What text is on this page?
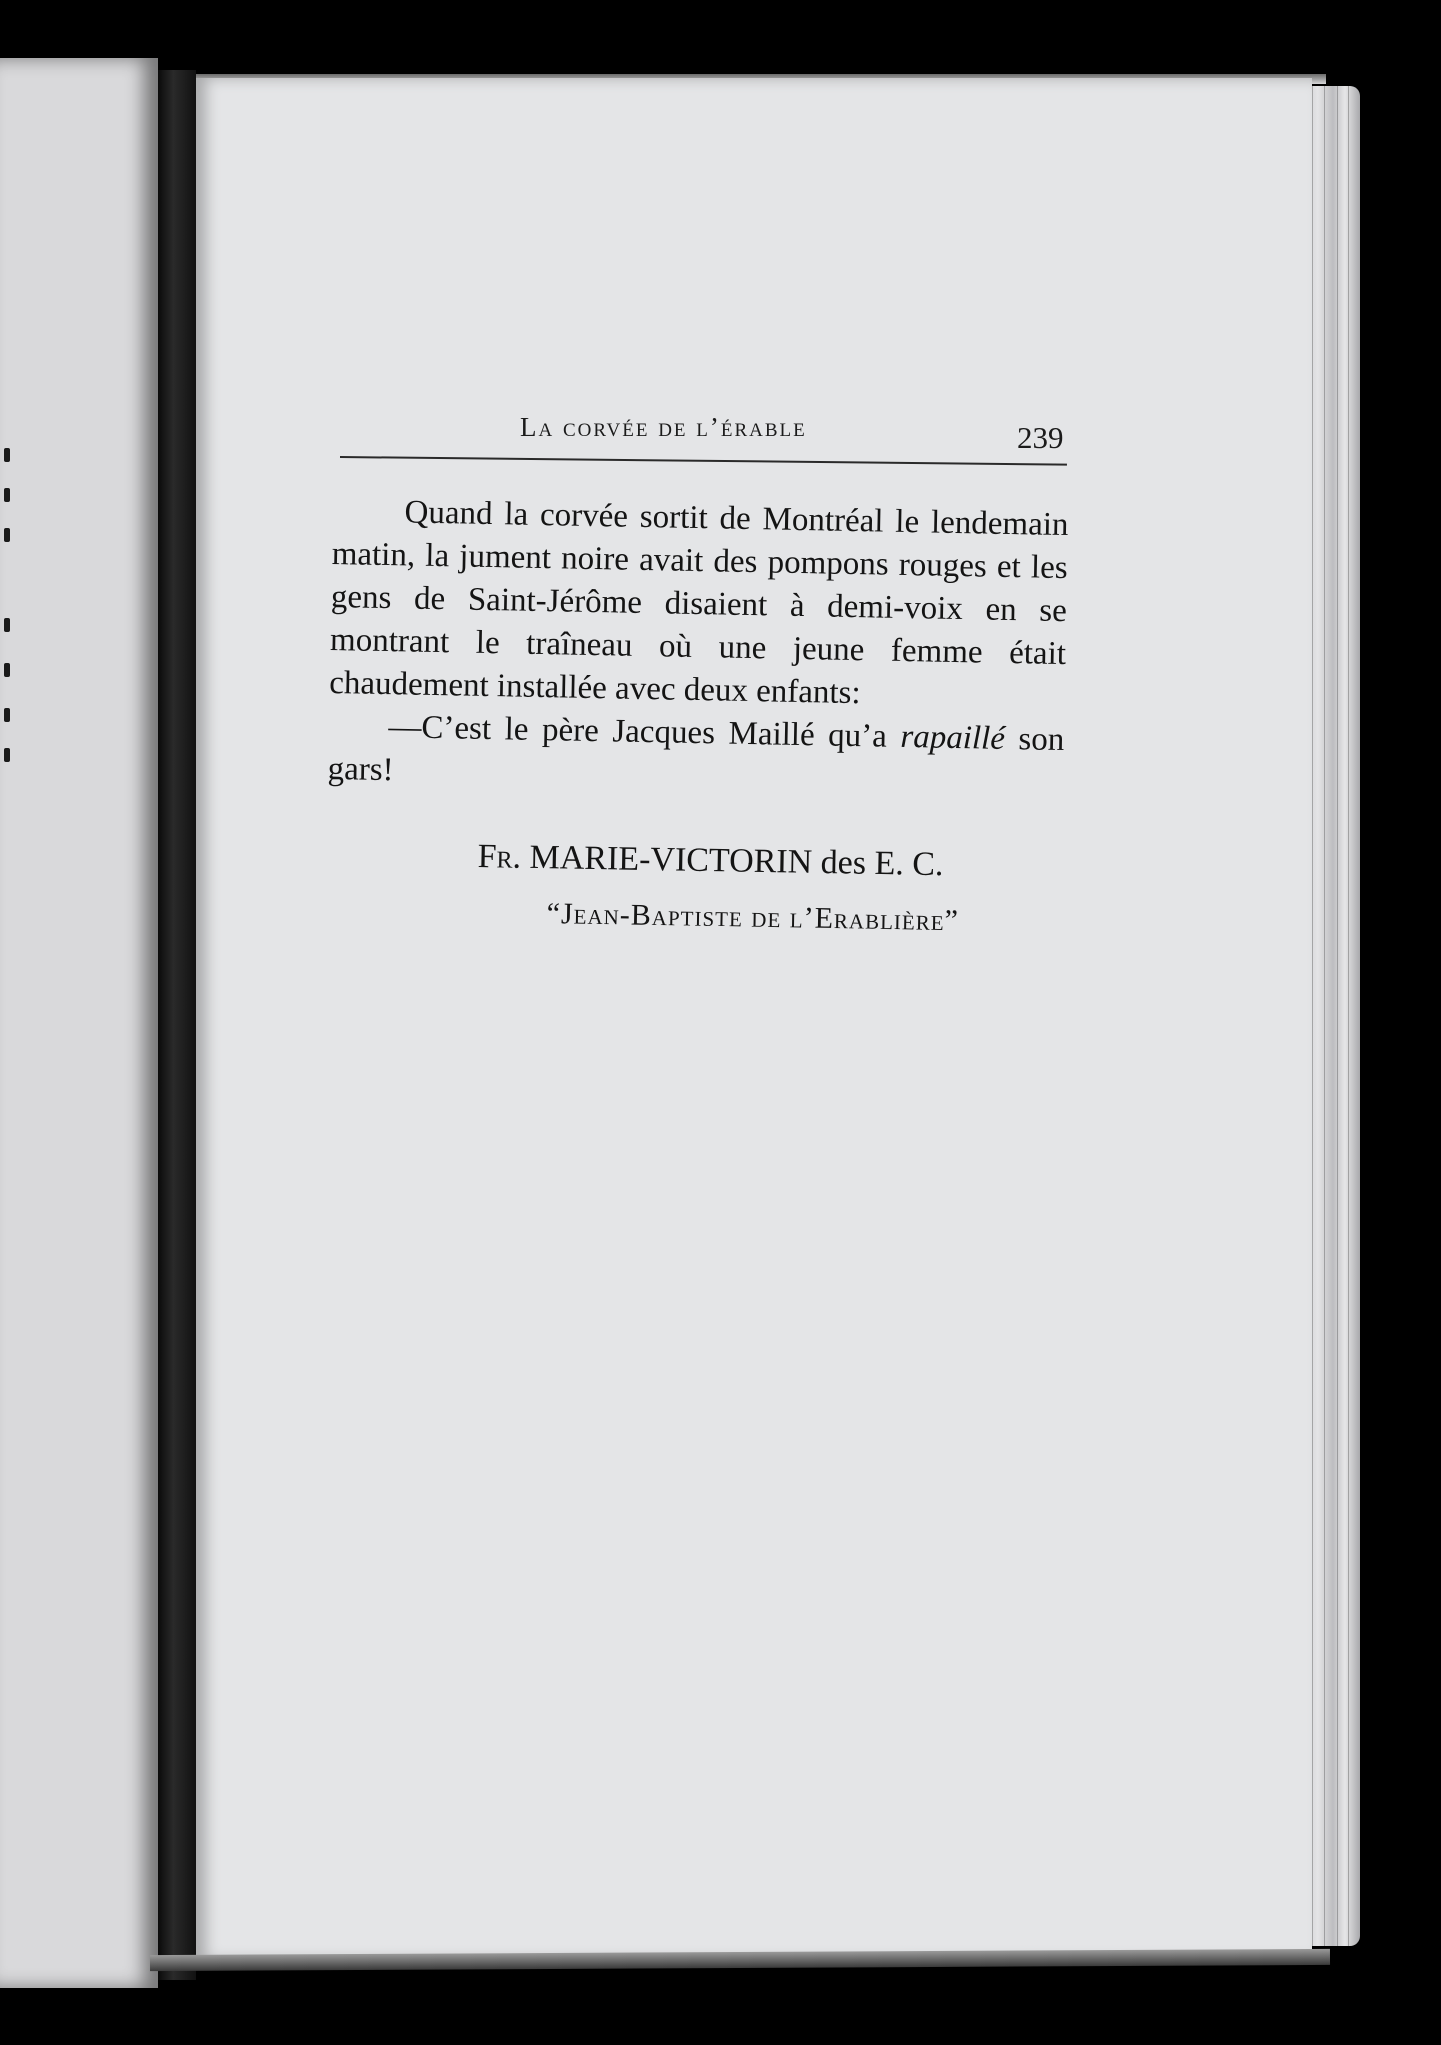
La corvée de l’érable	239

Quand la corvée sortit de Montréal le lendemain matin, la jument noire avait des pompons rouges et les gens de Saint-Jérôme disaient à demi-voix en se montrant le traîneau où une jeune femme était chaudement installée avec deux enfants:

—C’est le père Jacques Maillé qu’a rapaillé son gars!

Fr. MARIE-VICTORIN des E. C.
“Jean-Baptiste de l’Erablière”
